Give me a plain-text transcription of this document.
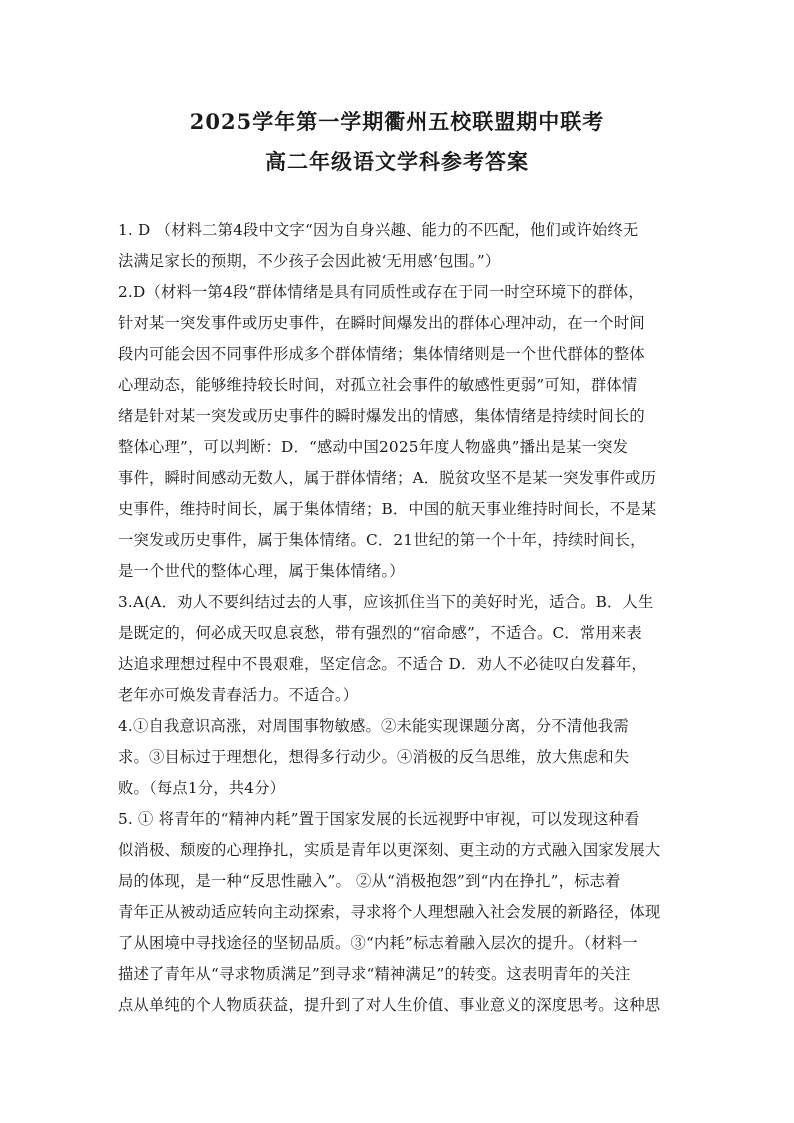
2025学年第一学期衢州五校联盟期中联考
高二年级语文学科参考答案
1. D （材料二第4段中文字“因为自身兴趣、能力的不匹配，他们或许始终无
法满足家长的预期，不少孩子会因此被‘无用感’包围。”）
2.D（材料一第4段“群体情绪是具有同质性或存在于同一时空环境下的群体，
针对某一突发事件或历史事件，在瞬时间爆发出的群体心理冲动，在一个时间
段内可能会因不同事件形成多个群体情绪；集体情绪则是一个世代群体的整体
心理动态，能够维持较长时间，对孤立社会事件的敏感性更弱”可知，群体情
绪是针对某一突发或历史事件的瞬时爆发出的情感，集体情绪是持续时间长的
整体心理”，可以判断：D．“感动中国2025年度人物盛典”播出是某一突发
事件，瞬时间感动无数人，属于群体情绪；A．脱贫攻坚不是某一突发事件或历
史事件，维持时间长，属于集体情绪；B．中国的航天事业维持时间长，不是某
一突发或历史事件，属于集体情绪。C．21世纪的第一个十年，持续时间长，
是一个世代的整体心理，属于集体情绪。）
3.A(A．劝人不要纠结过去的人事，应该抓住当下的美好时光，适合。B．人生
是既定的，何必成天叹息哀愁，带有强烈的“宿命感”，不适合。C．常用来表
达追求理想过程中不畏艰难，坚定信念。不适合 D．劝人不必徒叹白发暮年，
老年亦可焕发青春活力。不适合。）
4.①自我意识高涨，对周围事物敏感。②未能实现课题分离，分不清他我需
求。③目标过于理想化，想得多行动少。④消极的反刍思维，放大焦虑和失
败。（每点1分，共4分）
5. ① 将青年的“精神内耗”置于国家发展的长远视野中审视，可以发现这种看
似消极、颓废的心理挣扎，实质是青年以更深刻、更主动的方式融入国家发展大
局的体现，是一种“反思性融入”。 ②从“消极抱怨”到“内在挣扎”，标志着
青年正从被动适应转向主动探索，寻求将个人理想融入社会发展的新路径，体现
了从困境中寻找途径的坚韧品质。③“内耗”标志着融入层次的提升。（材料一
描述了青年从“寻求物质满足”到寻求“精神满足”的转变。这表明青年的关注
点从单纯的个人物质获益，提升到了对人生价值、事业意义的深度思考。这种思
